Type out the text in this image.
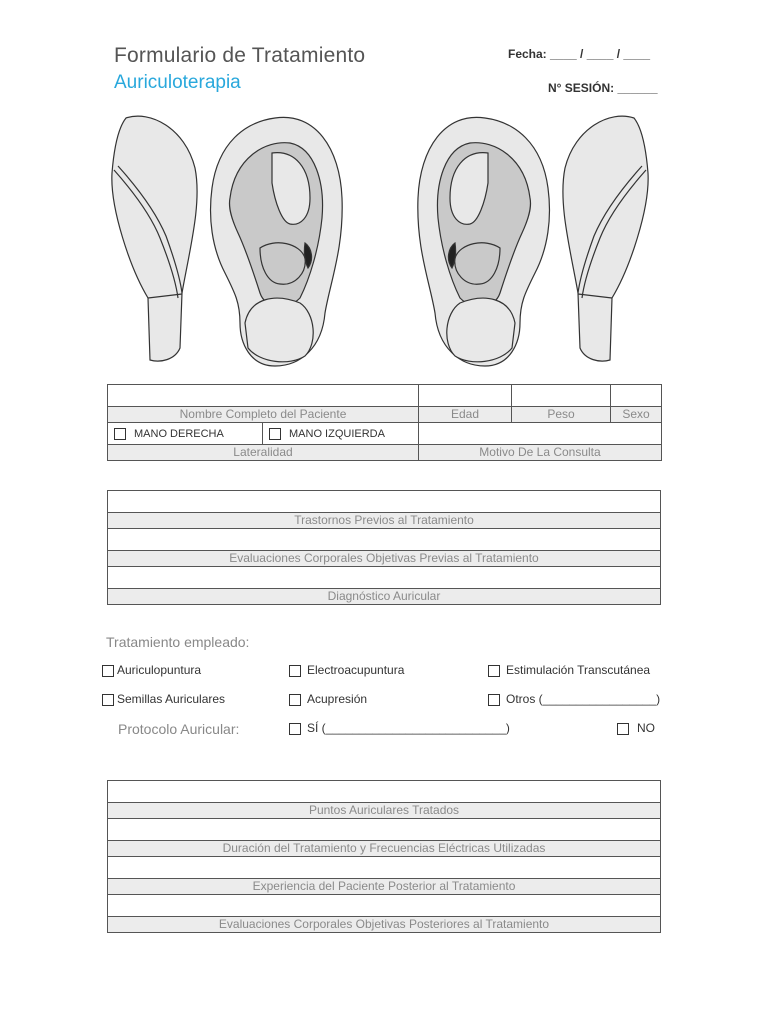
Formulario de Tratamiento
Auriculoterapia
Fecha: ____ / ____ / ____
N° SESIÓN: ______

Nombre Completo del Paciente		Edad	Peso	Sexo
MANO DERECHA	MANO IZQUIERDA			
Lateralidad		Motivo De La Consulta		

Trastornos Previos al Tratamiento

Evaluaciones Corporales Objetivas Previas al Tratamiento

Diagnóstico Auricular
Tratamiento empleado:
Auriculopuntura	Electroacupuntura	Estimulación Transcutánea
Semillas Auriculares	Acupresión	Otros (_________________)
Protocolo Auricular:	SÍ (___________________________)	NO

Puntos Auriculares Tratados

Duración del Tratamiento y Frecuencias Eléctricas Utilizadas

Experiencia del Paciente Posterior al Tratamiento

Evaluaciones Corporales Objetivas Posteriores al Tratamiento
